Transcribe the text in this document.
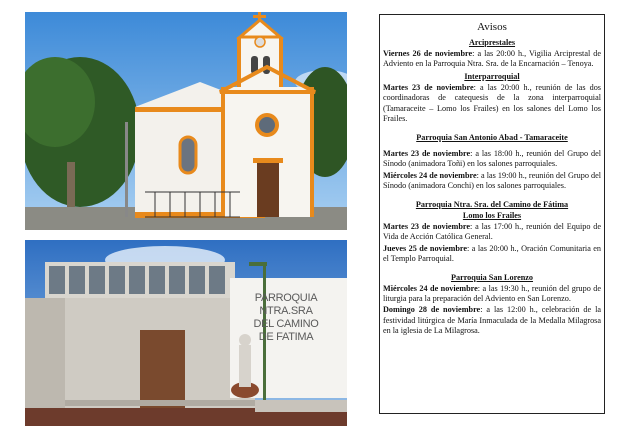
PARROQUIA NTRA.SRA
DEL CAMINO
DE FATIMA
Avisos
Arciprestales
Viernes 26 de noviembre: a las 20:00 h., Vigilia Arciprestal de Adviento en la Parroquia Ntra. Sra. de la Encarnación – Tenoya.
Interparroquial
Martes 23 de noviembre: a las 20:00 h., reunión de las dos coordinadoras de catequesis de la zona interparroquial (Tamaraceite – Lomo los Frailes) en los salones del Lomo los Frailes.
Parroquia San Antonio Abad - Tamaraceite
Martes 23 de noviembre: a las 18:00 h., reunión del Grupo del Sínodo (animadora Toñi) en los salones parroquiales.
Miércoles 24 de noviembre: a las 19:00 h., reunión del Grupo del Sínodo (animadora Conchi) en los salones parroquiales.
Parroquia Ntra. Sra. del Camino de Fátima
Lomo los Frailes
Martes 23 de noviembre: a las 17:00 h., reunión del Equipo de Vida de Acción Católica General.
Jueves 25 de noviembre: a las 20:00 h., Oración Comunitaria en el Templo Parroquial.
Parroquia San Lorenzo
Miércoles 24 de noviembre: a las 19:30 h., reunión del grupo de liturgia para la preparación del Adviento en San Lorenzo.
Domingo 28 de noviembre: a las 12:00 h., celebración de la festividad litúrgica de María Inmaculada de la Medalla Milagrosa en la iglesia de La Milagrosa.
